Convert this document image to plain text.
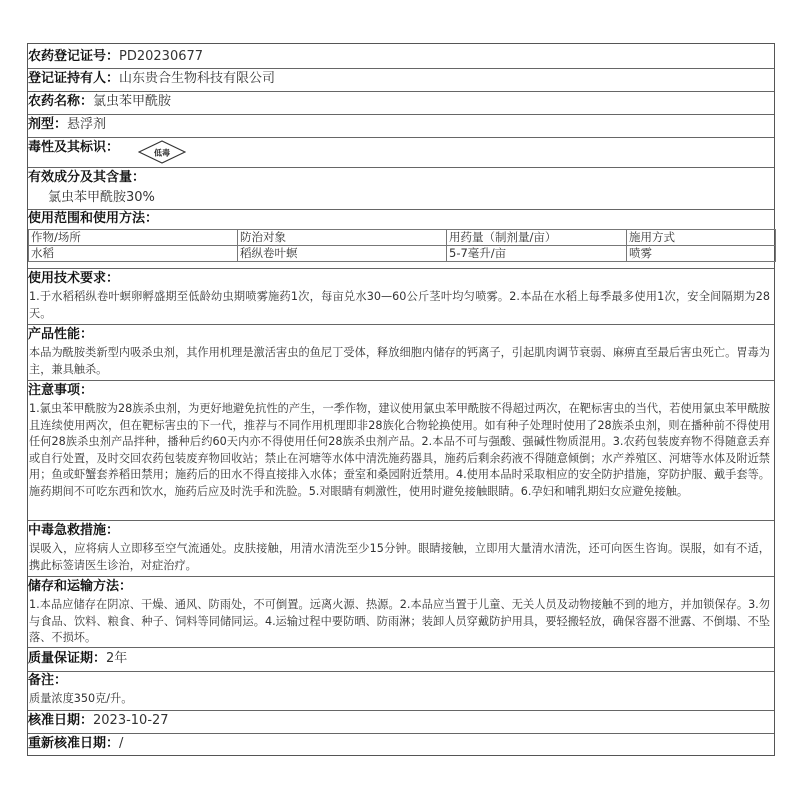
农药登记证号：PD20230677
登记证持有人：山东贵合生物科技有限公司
农药名称：氯虫苯甲酰胺
剂型：悬浮剂
毒性及其标识：	低毒
有效成分及其含量：
氯虫苯甲酰胺30%
使用范围和使用方法：
作物/场所	防治对象	用药量（制剂量/亩）	施用方式
水稻	稻纵卷叶螟	5-7毫升/亩	喷雾
使用技术要求：
1.于水稻稻纵卷叶螟卵孵盛期至低龄幼虫期喷雾施药1次，每亩兑水30—60公斤茎叶均匀喷雾。2.本品在水稻上每季最多使用1次，安全间隔期为28天。
产品性能：
本品为酰胺类新型内吸杀虫剂，其作用机理是激活害虫的鱼尼丁受体，释放细胞内储存的钙离子，引起肌肉调节衰弱、麻痹直至最后害虫死亡。胃毒为主，兼具触杀。
注意事项：
1.氯虫苯甲酰胺为28族杀虫剂，为更好地避免抗性的产生，一季作物，建议使用氯虫苯甲酰胺不得超过两次，在靶标害虫的当代，若使用氯虫苯甲酰胺且连续使用两次，但在靶标害虫的下一代，推荐与不同作用机理即非28族化合物轮换使用。如有种子处理时使用了28族杀虫剂，则在播种前不得使用任何28族杀虫剂产品拌种，播种后约60天内亦不得使用任何28族杀虫剂产品。2.本品不可与强酸、强碱性物质混用。3.农药包装废弃物不得随意丢弃或自行处置，及时交回农药包装废弃物回收站；禁止在河塘等水体中清洗施药器具，施药后剩余药液不得随意倾倒；水产养殖区、河塘等水体及附近禁用；鱼或虾蟹套养稻田禁用；施药后的田水不得直接排入水体；蚕室和桑园附近禁用。4.使用本品时采取相应的安全防护措施，穿防护服、戴手套等。施药期间不可吃东西和饮水，施药后应及时洗手和洗脸。5.对眼睛有刺激性，使用时避免接触眼睛。6.孕妇和哺乳期妇女应避免接触。
中毒急救措施：
误吸入，应将病人立即移至空气流通处。皮肤接触，用清水清洗至少15分钟。眼睛接触，立即用大量清水清洗，还可向医生咨询。误服，如有不适，携此标签请医生诊治，对症治疗。
储存和运输方法：
1.本品应储存在阴凉、干燥、通风、防雨处，不可倒置。远离火源、热源。2.本品应当置于儿童、无关人员及动物接触不到的地方，并加锁保存。3.勿与食品、饮料、粮食、种子、饲料等同储同运。4.运输过程中要防晒、防雨淋；装卸人员穿戴防护用具，要轻搬轻放，确保容器不泄露、不倒塌、不坠落、不损坏。
质量保证期：2年
备注：
质量浓度350克/升。
核准日期：2023-10-27
重新核准日期：/
